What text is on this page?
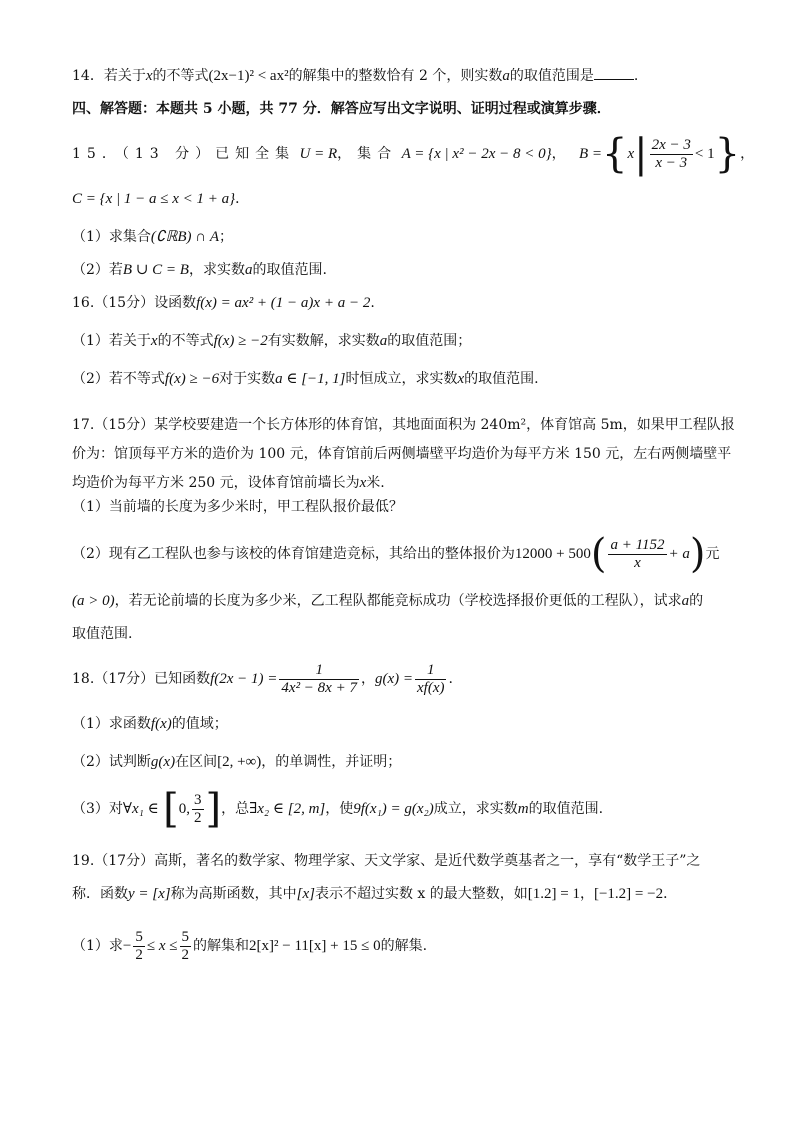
14．若关于x的不等式(2x−1)² < ax²的解集中的整数恰有 2 个，则实数a的取值范围是	.
四、解答题：本题共 5 小题，共 77 分．解答应写出文字说明、证明过程或演算步骤．
15．（13 分）已知全集
U = R ，集合
A = {x | x² − 2x − 8 < 0} ， B = { x | $\frac{2x - 3}{x - 3} < 1$ } ，
C = {x | 1 − a ≤ x < 1 + a}．
（1）求集合(∁ℝB) ∩ A；
（2）若B ∪ C = B，求实数a的取值范围.
16.（15分）设函数f(x) = ax² + (1 − a)x + a − 2.
（1）若关于x的不等式f(x) ≥ −2有实数解，求实数a的取值范围；
（2）若不等式f(x) ≥ −6对于实数a ∈ [−1, 1]时恒成立，求实数x的取值范围.
17.（15分）某学校要建造一个长方体形的体育馆，其地面面积为 240m²，体育馆高 5m，如果甲工程队报
价为：馆顶每平方米的造价为 100 元，体育馆前后两侧墙壁平均造价为每平方米 150 元，左右两侧墙壁平
均造价为每平方米 250 元，设体育馆前墙长为x米.
（1）当前墙的长度为多少米时，甲工程队报价最低？
（2）现有乙工程队也参与该校的体育馆建造竞标，其给出的整体报价为 12000 + 500 ( $\frac{a + 1152}{x} + a$ ) 元
(a > 0)，若无论前墙的长度为多少米，乙工程队都能竞标成功（学校选择报价更低的工程队），试求a的
取值范围.
18.（17分）已知函数 $f(2x - 1) = \frac{1}{\text{4x² − 8x + 7}}$ ， $g(x) = \frac{1}{xf(x)}$ .
（1）求函数f(x)的值域；
（2）试判断g(x)在区间[2, +∞)，的单调性，并证明；
（3）对 ∀x₁ ∈
[ 0, $\frac{3}{2}$ ] ，总 ∃x₂ ∈ [2, m] ，使 9f(x₁) = g(x₂) 成立，求实数 m 的取值范围.
19.（17分）高斯，著名的数学家、物理学家、天文学家、是近代数学奠基者之一，享有“数学王子”之
称．函数y = [x]称为高斯函数，其中[x]表示不超过实数 x 的最大整数，如[1.2] = 1，[−1.2] = −2．
（1）求 − $\frac{5}{2} \le x \le \frac{5}{2}$ 的解集和 2[x]² − 11[x] + 15 ≤ 0 的解集.
